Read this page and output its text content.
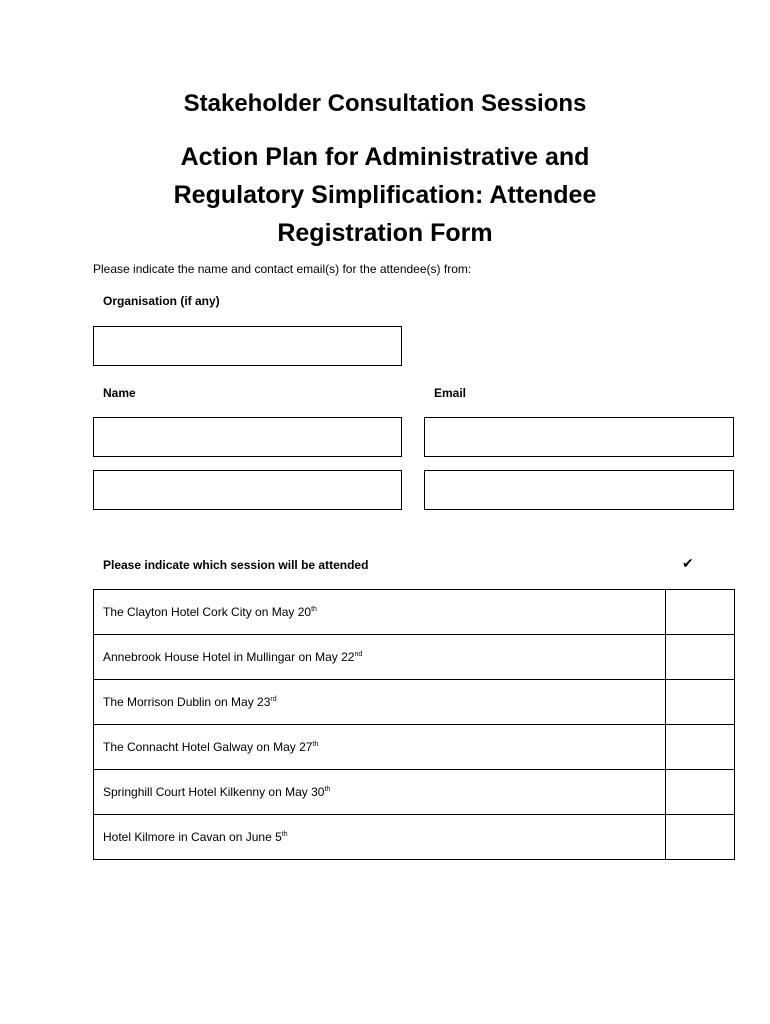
Stakeholder Consultation Sessions
Action Plan for Administrative and
Regulatory Simplification: Attendee
Registration Form
Please indicate the name and contact email(s) for the attendee(s) from:
Organisation (if any)
Name	Email
Please indicate which session will be attended	✔
The Clayton Hotel Cork City on May 20th	
Annebrook House Hotel in Mullingar on May 22nd	
The Morrison Dublin on May 23rd	
The Connacht Hotel Galway on May 27th	
Springhill Court Hotel Kilkenny on May 30th	
Hotel Kilmore in Cavan on June 5th	
